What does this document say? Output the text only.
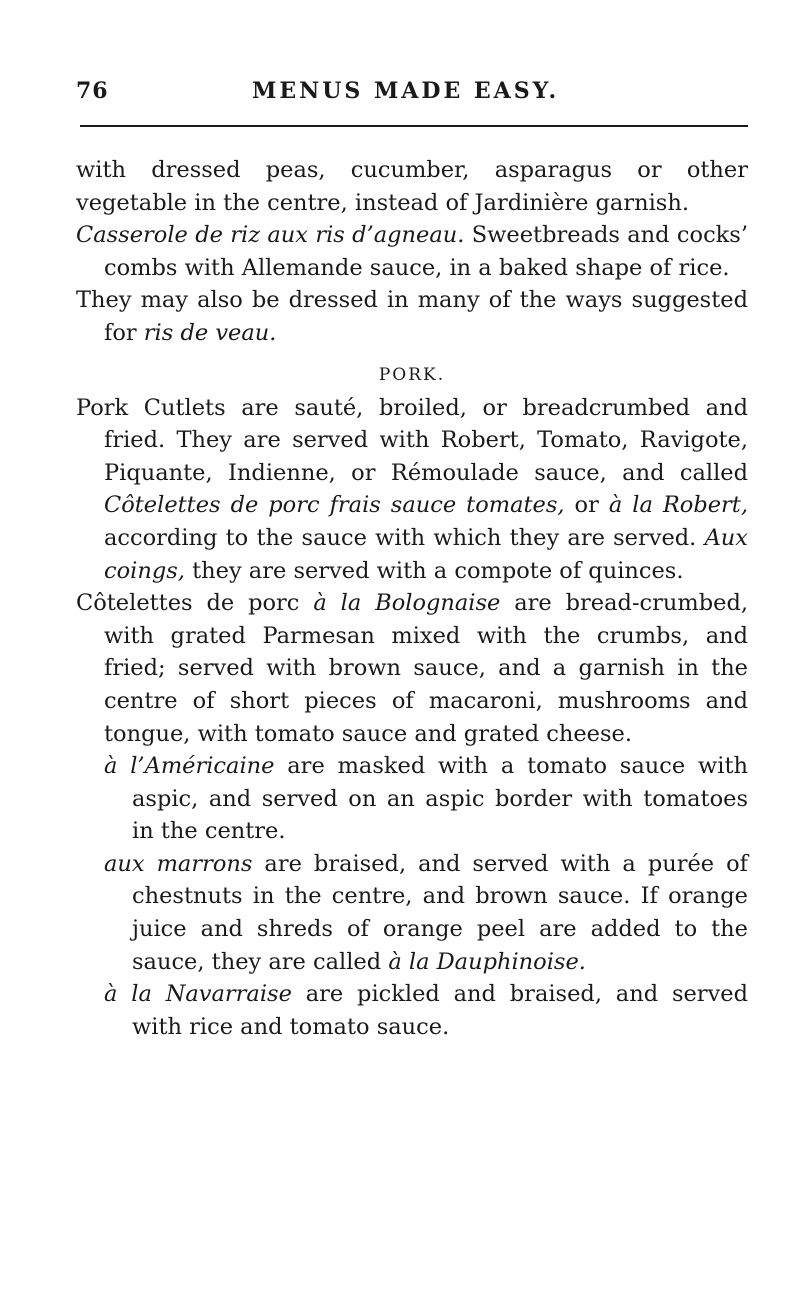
76	MENUS MADE EASY.

with dressed peas, cucumber, asparagus or other vegetable in the centre, instead of Jardinière garnish.

Casserole de riz aux ris d’agneau. Sweetbreads and cocks’ combs with Allemande sauce, in a baked shape of rice.

They may also be dressed in many of the ways suggested for ris de veau.

PORK.

Pork Cutlets are sauté, broiled, or breadcrumbed and fried. They are served with Robert, Tomato, Ravigote, Piquante, Indienne, or Rémoulade sauce, and called Côtelettes de porc frais sauce tomates, or à la Robert, according to the sauce with which they are served. Aux coings, they are served with a compote of quinces.

Côtelettes de porc à la Bolognaise are bread-crumbed, with grated Parmesan mixed with the crumbs, and fried; served with brown sauce, and a garnish in the centre of short pieces of macaroni, mushrooms and tongue, with tomato sauce and grated cheese.

à l’Américaine are masked with a tomato sauce with aspic, and served on an aspic border with tomatoes in the centre.

aux marrons are braised, and served with a purée of chestnuts in the centre, and brown sauce. If orange juice and shreds of orange peel are added to the sauce, they are called à la Dauphinoise.

à la Navarraise are pickled and braised, and served with rice and tomato sauce.
